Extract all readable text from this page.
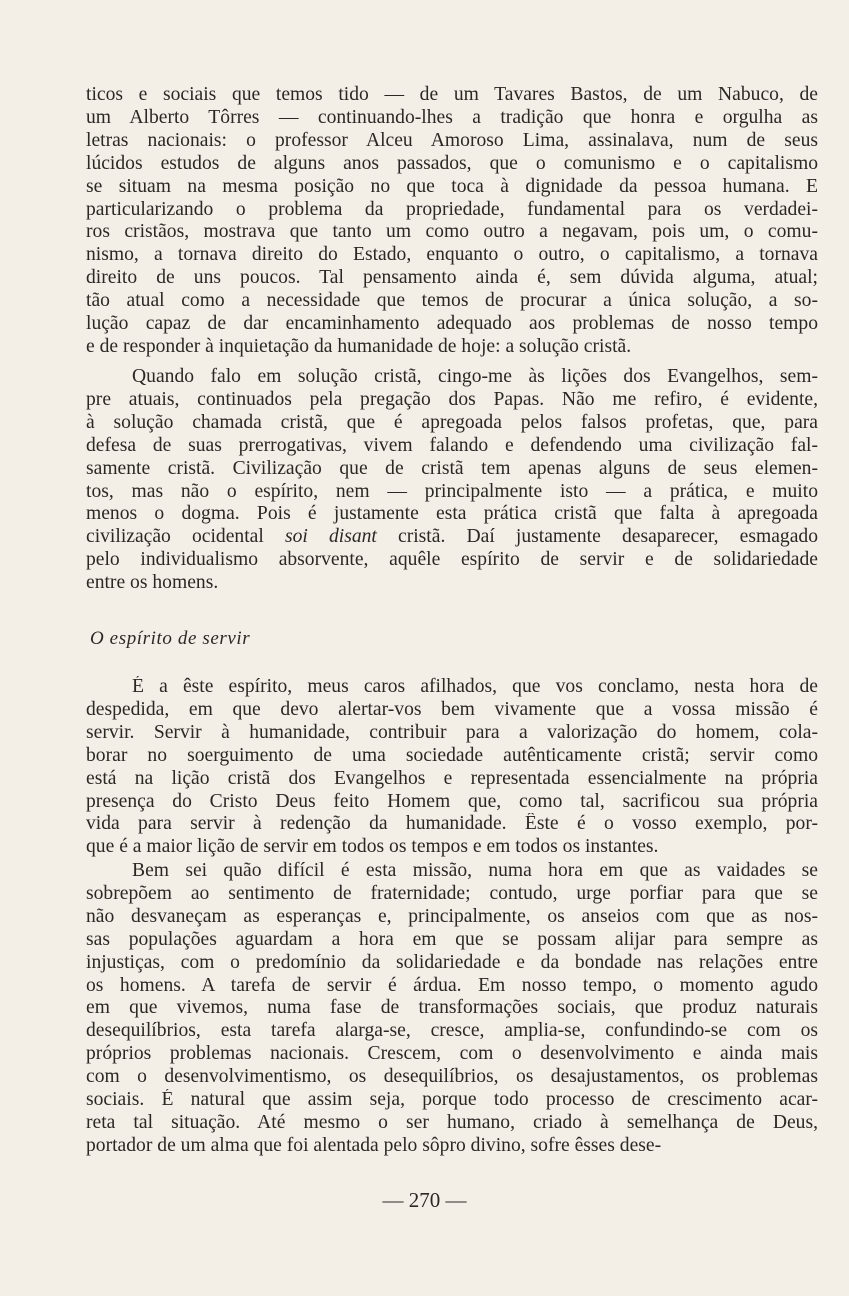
ticos e sociais que temos tido — de um Tavares Bastos, de um Nabuco, de
um Alberto Tôrres — continuando-lhes a tradição que honra e orgulha as
letras nacionais: o professor Alceu Amoroso Lima, assinalava, num de seus
lúcidos estudos de alguns anos passados, que o comunismo e o capitalismo
se situam na mesma posição no que toca à dignidade da pessoa humana. E
particularizando o problema da propriedade, fundamental para os verdadei-
ros cristãos, mostrava que tanto um como outro a negavam, pois um, o comu-
nismo, a tornava direito do Estado, enquanto o outro, o capitalismo, a tornava
direito de uns poucos. Tal pensamento ainda é, sem dúvida alguma, atual;
tão atual como a necessidade que temos de procurar a única solução, a so-
lução capaz de dar encaminhamento adequado aos problemas de nosso tempo
e de responder à inquietação da humanidade de hoje: a solução cristã.
Quando falo em solução cristã, cingo-me às lições dos Evangelhos, sem-
pre atuais, continuados pela pregação dos Papas. Não me refiro, é evidente,
à solução chamada cristã, que é apregoada pelos falsos profetas, que, para
defesa de suas prerrogativas, vivem falando e defendendo uma civilização fal-
samente cristã. Civilização que de cristã tem apenas alguns de seus elemen-
tos, mas não o espírito, nem — principalmente isto — a prática, e muito
menos o dogma. Pois é justamente esta prática cristã que falta à apregoada
civilização ocidental soi disant cristã. Daí justamente desaparecer, esmagado
pelo individualismo absorvente, aquêle espírito de servir e de solidariedade
entre os homens.
O espírito de servir
É a êste espírito, meus caros afilhados, que vos conclamo, nesta hora de
despedida, em que devo alertar-vos bem vivamente que a vossa missão é
servir. Servir à humanidade, contribuir para a valorização do homem, cola-
borar no soerguimento de uma sociedade autênticamente cristã; servir como
está na lição cristã dos Evangelhos e representada essencialmente na própria
presença do Cristo Deus feito Homem que, como tal, sacrificou sua própria
vida para servir à redenção da humanidade. Êste é o vosso exemplo, por-
que é a maior lição de servir em todos os tempos e em todos os instantes.
Bem sei quão difícil é esta missão, numa hora em que as vaidades se
sobrepõem ao sentimento de fraternidade; contudo, urge porfiar para que se
não desvaneçam as esperanças e, principalmente, os anseios com que as nos-
sas populações aguardam a hora em que se possam alijar para sempre as
injustiças, com o predomínio da solidariedade e da bondade nas relações entre
os homens. A tarefa de servir é árdua. Em nosso tempo, o momento agudo
em que vivemos, numa fase de transformações sociais, que produz naturais
desequilíbrios, esta tarefa alarga-se, cresce, amplia-se, confundindo-se com os
próprios problemas nacionais. Crescem, com o desenvolvimento e ainda mais
com o desenvolvimentismo, os desequilíbrios, os desajustamentos, os problemas
sociais. É natural que assim seja, porque todo processo de crescimento acar-
reta tal situação. Até mesmo o ser humano, criado à semelhança de Deus,
portador de um alma que foi alentada pelo sôpro divino, sofre êsses dese-
— 270 —
